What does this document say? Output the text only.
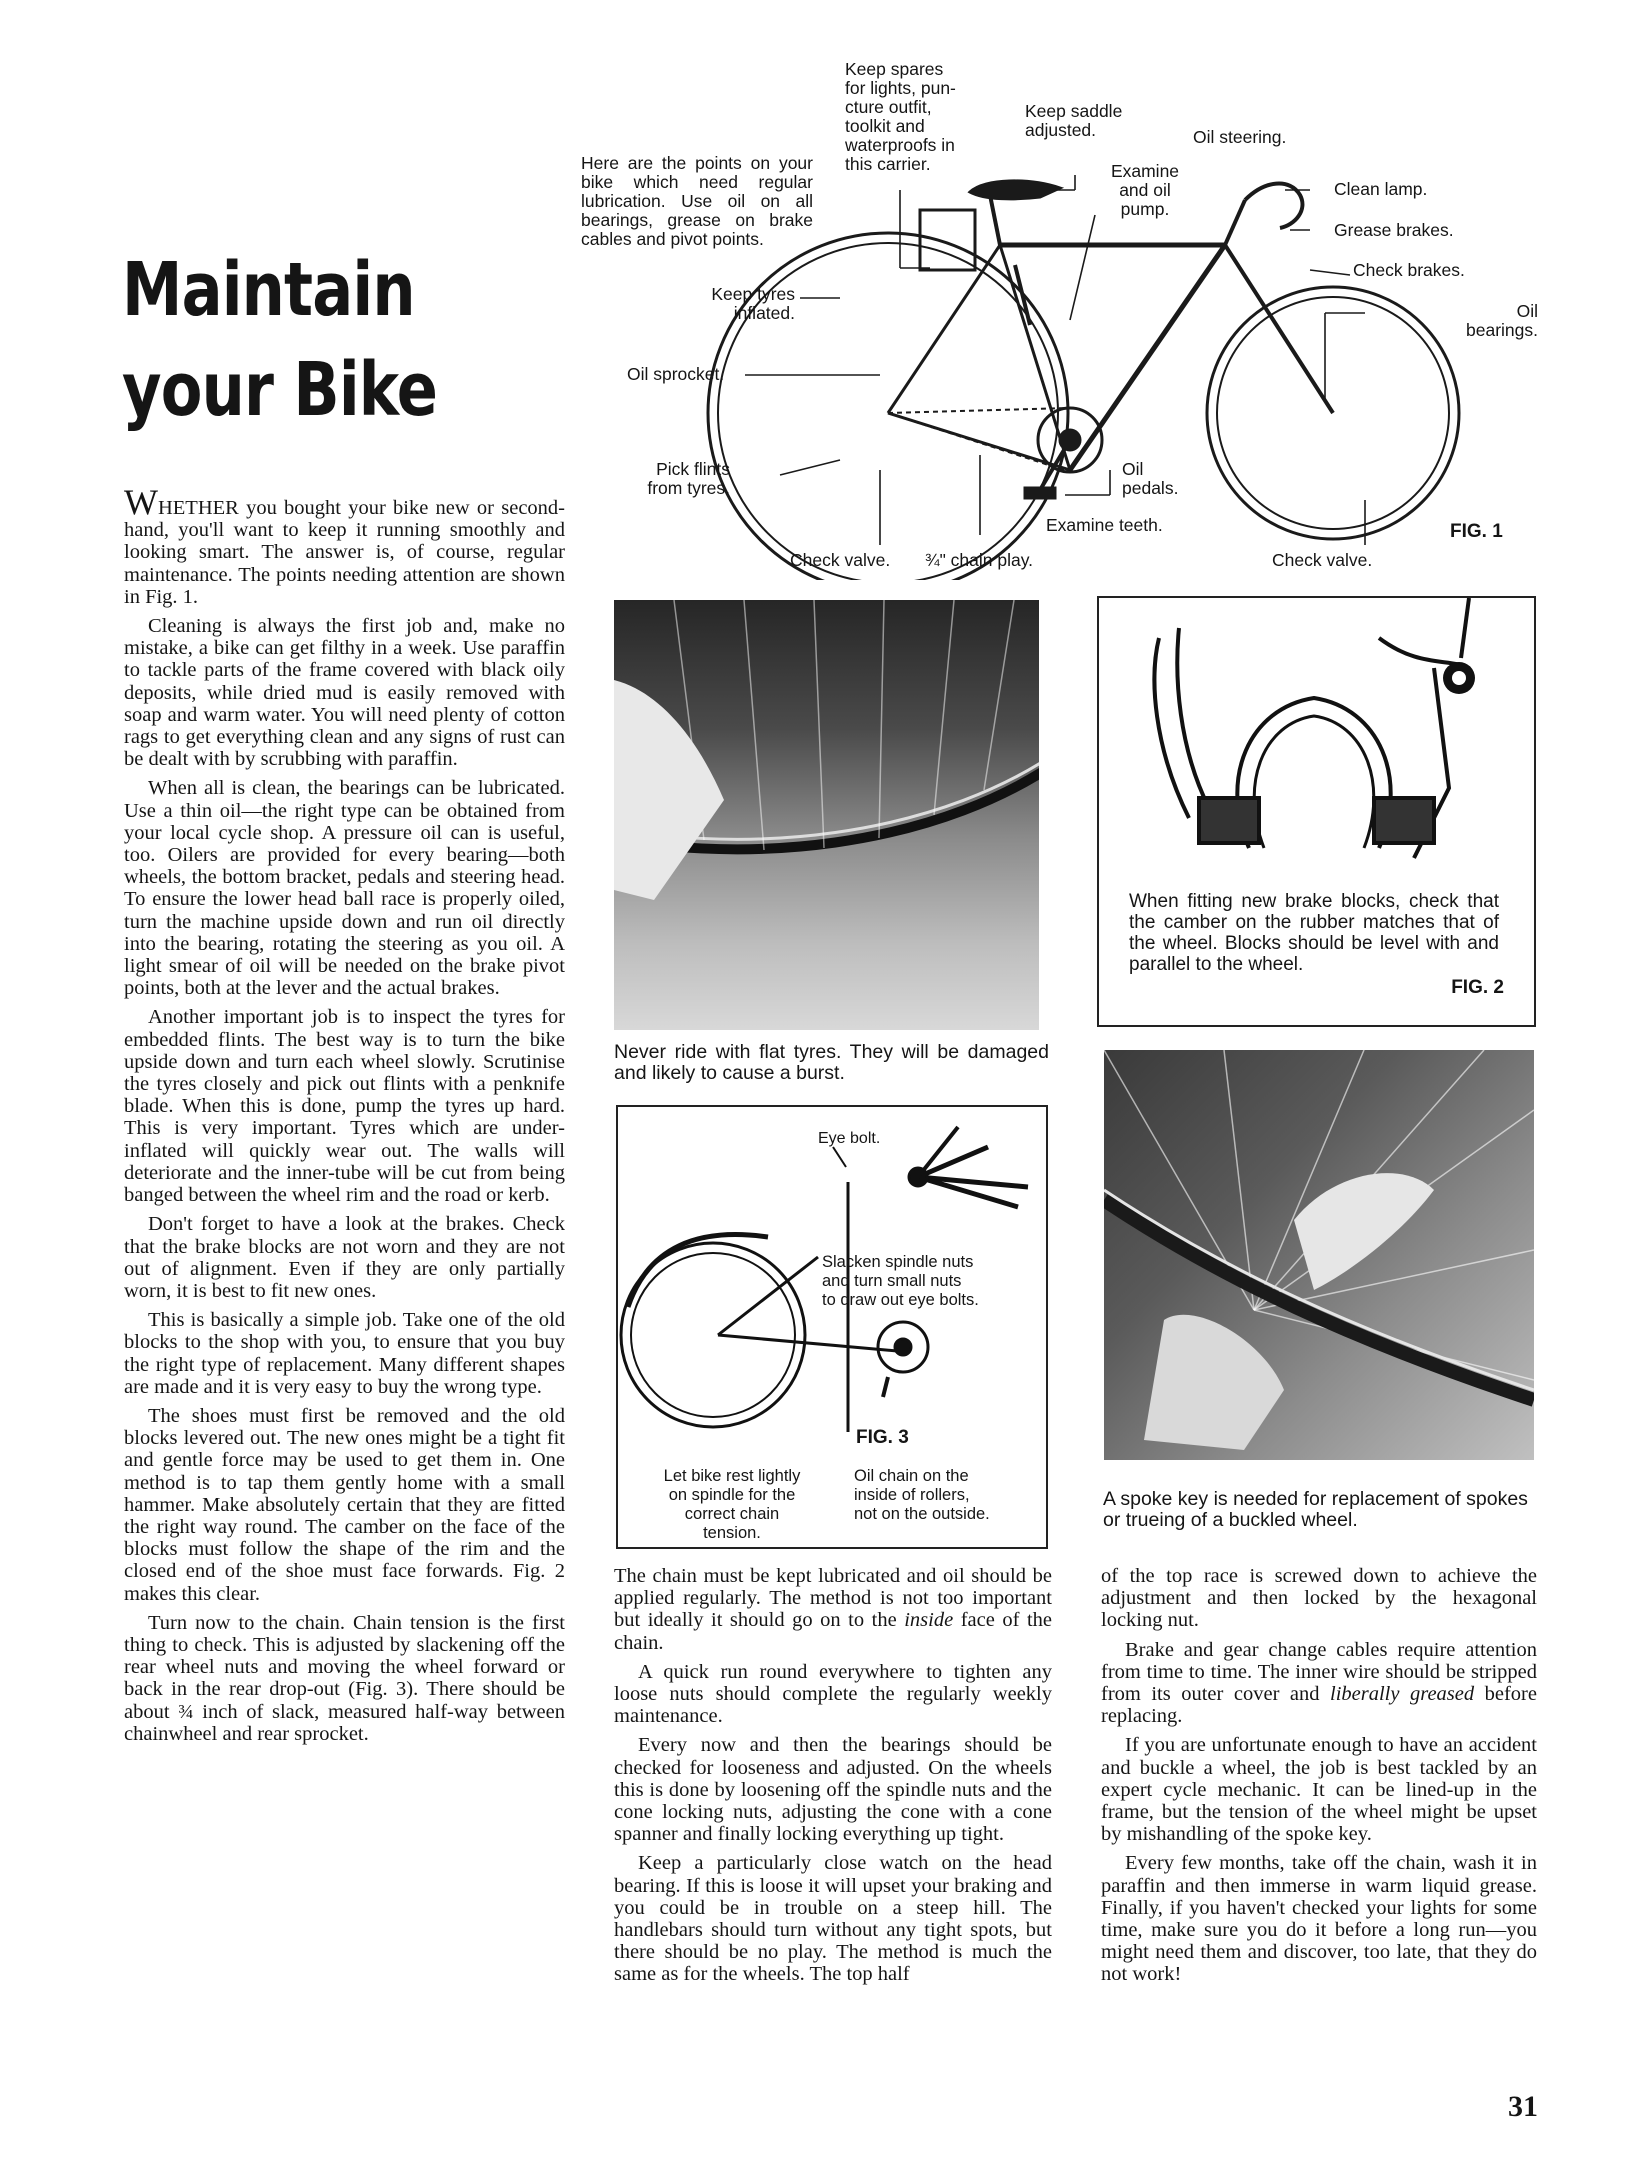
Maintain
your Bike
Here are the points on your bike which need regular lubrication. Use oil on all bearings, grease on brake cables and pivot points.
Keep spares
for lights, pun-
cture outfit,
toolkit and
waterproofs in
this carrier.
Keep saddle
adjusted.	Oil steering.
Examine
and oil
pump.
Clean lamp.
Grease brakes.
Check brakes.
Oil
bearings.
Keep tyres
inflated.
Oil sprocket.
Pick flints
from tyres.
Oil
pedals.
Examine teeth.
Check valve.	¾" chain play.	Check valve.
FIG. 1
Never ride with flat tyres. They will be damaged and likely to cause a burst.
When fitting new brake blocks, check that the camber on the rubber matches that of the wheel. Blocks should be level with and parallel to the wheel.
FIG. 2
Eye bolt.
Slacken spindle nuts
and turn small nuts
to draw out eye bolts.
FIG. 3
Let bike rest lightly
on spindle for the
correct chain
tension.
Oil chain on the
inside of rollers,
not on the outside.
A spoke key is needed for replacement of spokes or trueing of a buckled wheel.

WHETHER you bought your bike new or second-hand, you'll want to keep it running smoothly and looking smart. The answer is, of course, regular maintenance. The points needing attention are shown in Fig. 1.

Cleaning is always the first job and, make no mistake, a bike can get filthy in a week. Use paraffin to tackle parts of the frame covered with black oily deposits, while dried mud is easily removed with soap and warm water. You will need plenty of cotton rags to get everything clean and any signs of rust can be dealt with by scrubbing with paraffin.

When all is clean, the bearings can be lubricated. Use a thin oil—the right type can be obtained from your local cycle shop. A pressure oil can is useful, too. Oilers are provided for every bearing—both wheels, the bottom bracket, pedals and steering head. To ensure the lower head ball race is properly oiled, turn the machine upside down and run oil directly into the bearing, rotating the steering as you oil. A light smear of oil will be needed on the brake pivot points, both at the lever and the actual brakes.

Another important job is to inspect the tyres for embedded flints. The best way is to turn the bike upside down and turn each wheel slowly. Scrutinise the tyres closely and pick out flints with a penknife blade. When this is done, pump the tyres up hard. This is very important. Tyres which are under-inflated will quickly wear out. The walls will deteriorate and the inner-tube will be cut from being banged between the wheel rim and the road or kerb.

Don't forget to have a look at the brakes. Check that the brake blocks are not worn and they are not out of alignment. Even if they are only partially worn, it is best to fit new ones.

This is basically a simple job. Take one of the old blocks to the shop with you, to ensure that you buy the right type of replacement. Many different shapes are made and it is very easy to buy the wrong type.

The shoes must first be removed and the old blocks levered out. The new ones might be a tight fit and gentle force may be used to get them in. One method is to tap them gently home with a small hammer. Make absolutely certain that they are fitted the right way round. The camber on the face of the blocks must follow the shape of the rim and the closed end of the shoe must face forwards. Fig. 2 makes this clear.

Turn now to the chain. Chain tension is the first thing to check. This is adjusted by slackening off the rear wheel nuts and moving the wheel forward or back in the rear drop-out (Fig. 3). There should be about ¾ inch of slack, measured half-way between chainwheel and rear sprocket.

The chain must be kept lubricated and oil should be applied regularly. The method is not too important but ideally it should go on to the inside face of the chain.

A quick run round everywhere to tighten any loose nuts should complete the regularly weekly maintenance.

Every now and then the bearings should be checked for looseness and adjusted. On the wheels this is done by loosening off the spindle nuts and the cone locking nuts, adjusting the cone with a cone spanner and finally locking everything up tight.

Keep a particularly close watch on the head bearing. If this is loose it will upset your braking and you could be in trouble on a steep hill. The handlebars should turn without any tight spots, but there should be no play. The method is much the same as for the wheels. The top half

of the top race is screwed down to achieve the adjustment and then locked by the hexagonal locking nut.

Brake and gear change cables require attention from time to time. The inner wire should be stripped from its outer cover and liberally greased before replacing.

If you are unfortunate enough to have an accident and buckle a wheel, the job is best tackled by an expert cycle mechanic. It can be lined-up in the frame, but the tension of the wheel might be upset by mishandling of the spoke key.

Every few months, take off the chain, wash it in paraffin and then immerse in warm liquid grease. Finally, if you haven't checked your lights for some time, make sure you do it before a long run—you might need them and discover, too late, that they do not work!

31
